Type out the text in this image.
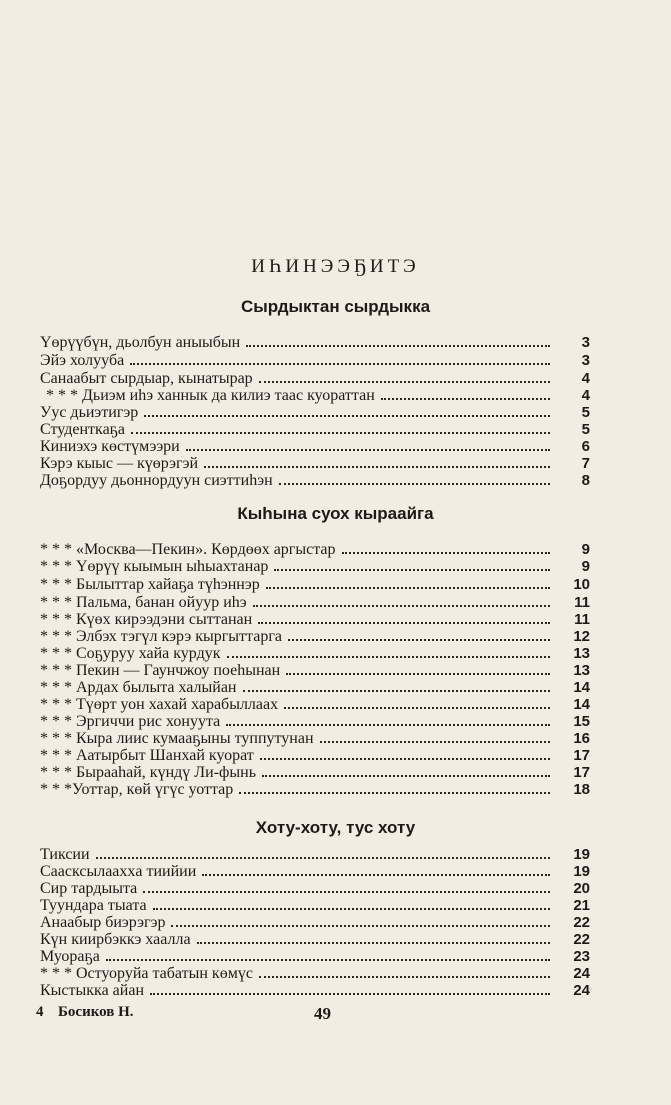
ИҺИНЭЭҔИТЭ
Сырдыктан сырдыкка
Үөрүүбүн, дьолбун аныыбын	3
Эйэ холууба	3
Санаабыт сырдыар, кынатырар	4
* * * Дьиэм иһэ ханнык да килиэ таас куораттан	4
Уус дьиэтигэр	5
Студенткаҕа	5
Киниэхэ көстүмээри	6
Кэрэ кыыс — күөрэгэй	7
Доҕордуу дьоннордуун сиэттиһэн	8
Кыһына суох кыраайга
* * * «Москва—Пекин». Көрдөөх аргыстар	9
* * * Үөрүү кыымын ыһыахтанар	9
* * * Былыттар хайаҕа түһэннэр	10
* * * Пальма, банан ойуур иһэ	11
* * * Күөх кирээдэни сыттанан	11
* * * Элбэх тэгүл кэрэ кыргыттарга	12
* * * Соҕуруу хайа курдук	13
* * * Пекин — Гаунчжоу поеһынан	13
* * * Ардах былыта халыйан	14
* * * Түөрт уон хахай харабыллаах	14
* * * Эргиччи рис хонуута	15
* * * Кыра лиис кумааҕыны туппутунан	16
* * * Аатырбыт Шанхай куорат	17
* * * Бырааһай, күндү Ли-фынь	17
* * *Уоттар, көй үгүс уоттар	18
Хоту-хоту, тус хоту
Тиксии	19
Саасксылааххa тиийии	19
Сир тардыыта	20
Туундара тыата	21
Анаабыр биэрэгэр	22
Күн киирбэккэ хаалла	22
Муораҕа	23
* * * Остуоруйа табатын көмүс	24
Кыстыкка айан	24
4 Босиков Н.	49
